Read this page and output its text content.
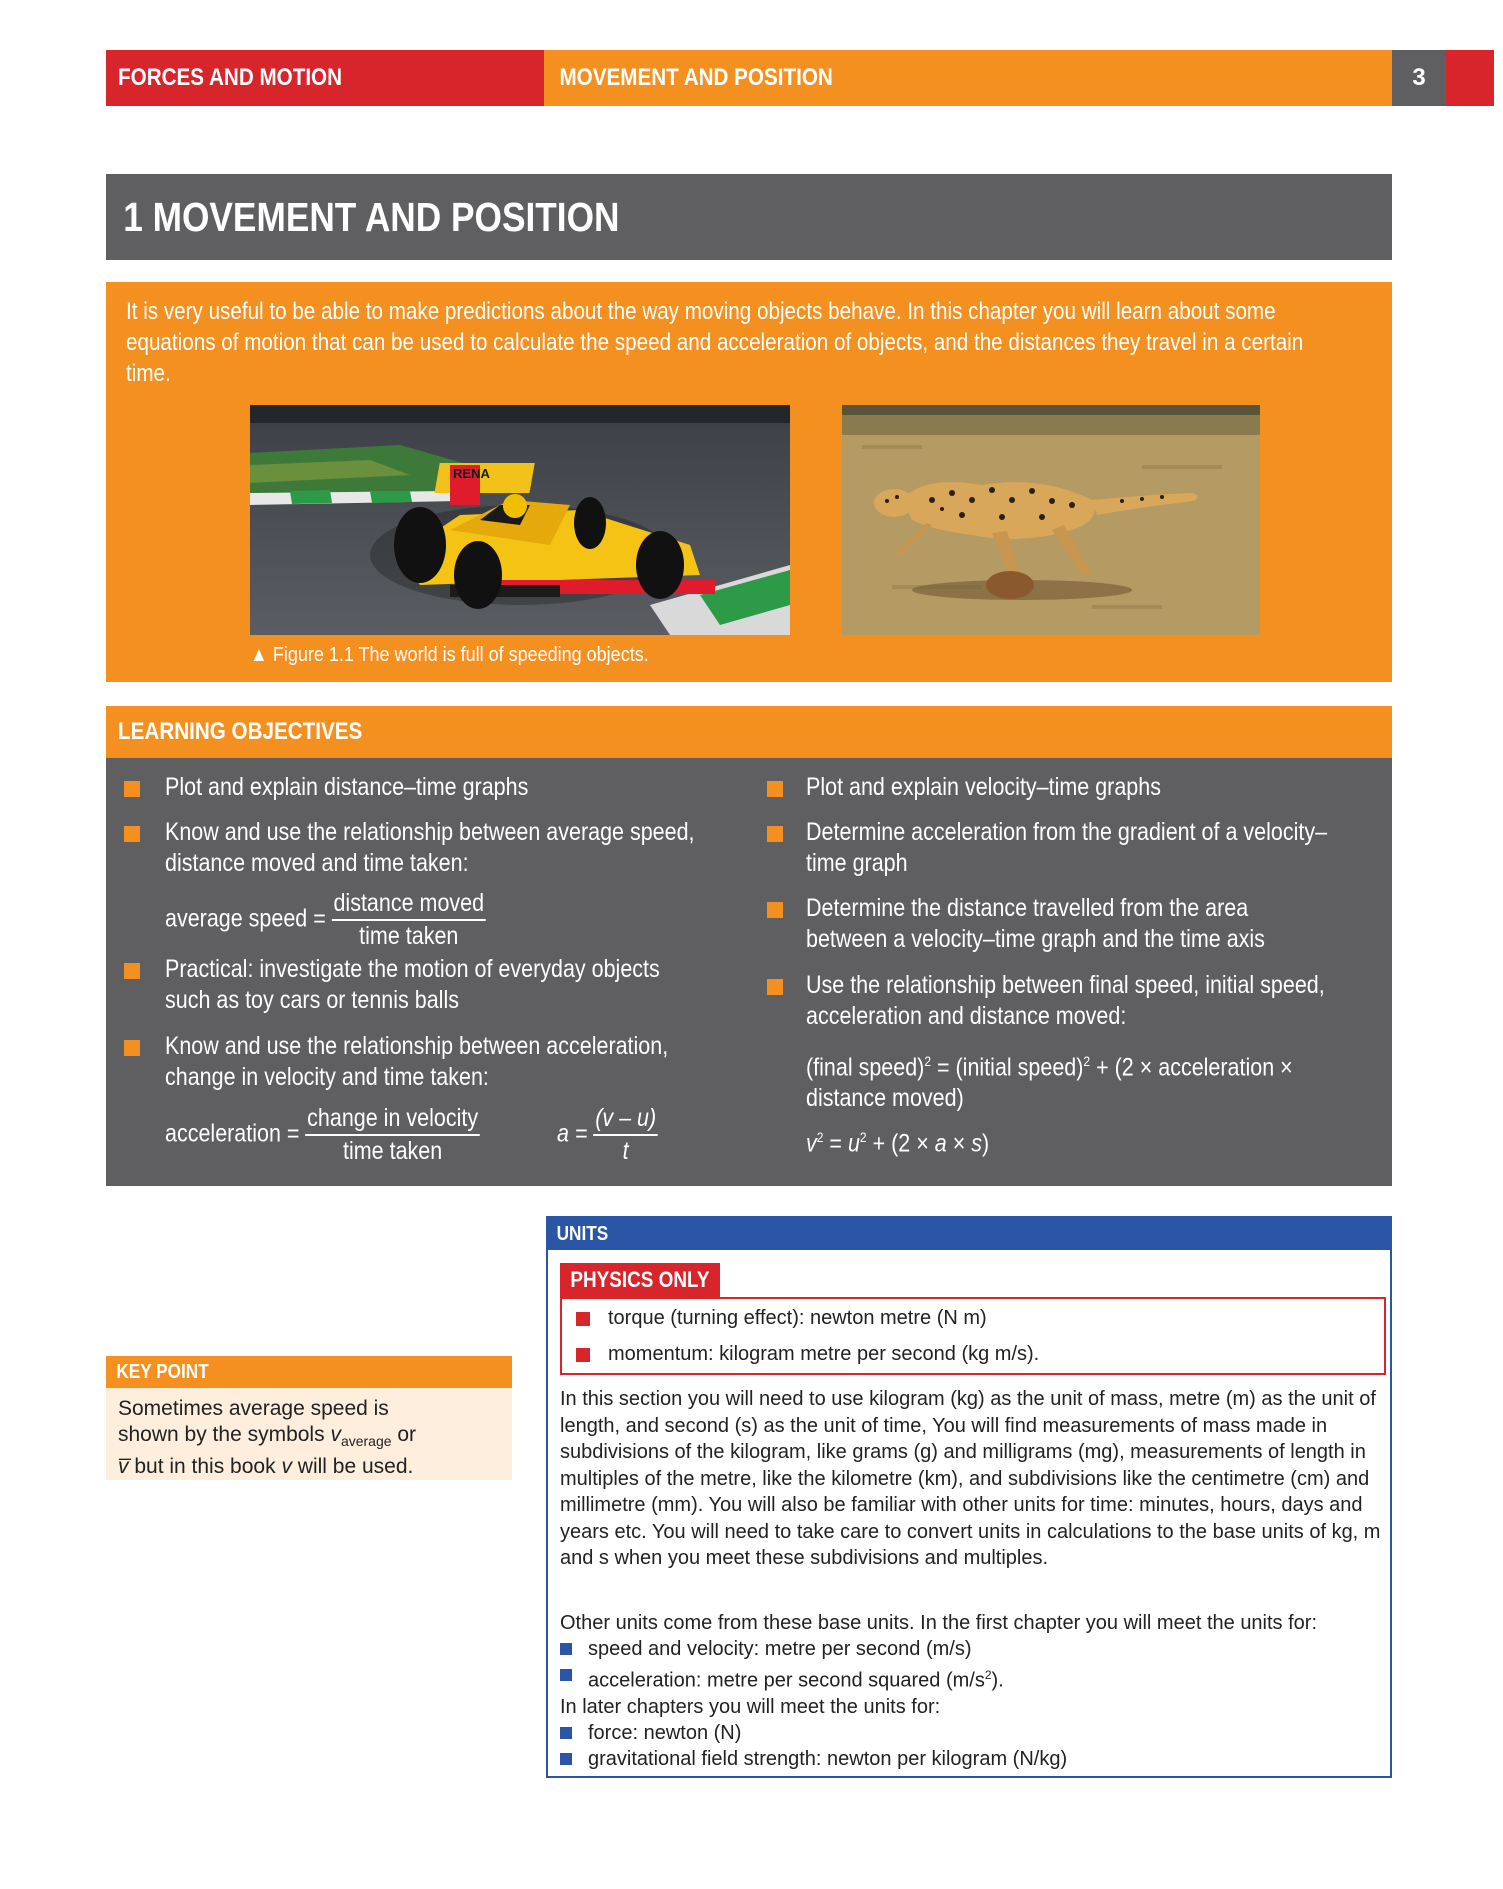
FORCES AND MOTION	MOVEMENT AND POSITION	3
1 MOVEMENT AND POSITION
It is very useful to be able to make predictions about the way moving objects behave. In this chapter you will learn about some equations of motion that can be used to calculate the speed and acceleration of objects, and the distances they travel in a certain time.
RENA
▲ Figure 1.1 The world is full of speeding objects.
LEARNING OBJECTIVES
Plot and explain distance–time graphs
Know and use the relationship between average speed,
distance moved and time taken:
average speed = $\frac{\text{distance moved}}{\text{time taken}}$
Practical: investigate the motion of everyday objects
such as toy cars or tennis balls
Know and use the relationship between acceleration,
change in velocity and time taken:
acceleration = $\frac{\text{change in velocity}}{\text{time taken}}$	$a = \frac{(v - u)}{t}$
Plot and explain velocity–time graphs
Determine acceleration from the gradient of a velocity–
time graph
Determine the distance travelled from the area
between a velocity–time graph and the time axis
Use the relationship between final speed, initial speed,
acceleration and distance moved:
(final speed)$^2$ = (initial speed)$^2$ + (2 × acceleration ×
distance moved)
$v^2 = u^2 + (2 \times a \times s)$
KEY POINT
Sometimes average speed is shown by the symbols $v_{average}$ or v̅ but in this book v will be used.
UNITS
PHYSICS ONLY
torque (turning effect): newton metre (N m)
momentum: kilogram metre per second (kg m/s).
In this section you will need to use kilogram (kg) as the unit of mass, metre (m) as the unit of length, and second (s) as the unit of time, You will find measurements of mass made in subdivisions of the kilogram, like grams (g) and milligrams (mg), measurements of length in multiples of the metre, like the kilometre (km), and subdivisions like the centimetre (cm) and millimetre (mm). You will also be familiar with other units for time: minutes, hours, days and years etc. You will need to take care to convert units in calculations to the base units of kg, m and s when you meet these subdivisions and multiples.
Other units come from these base units. In the first chapter you will meet the units for:
speed and velocity: metre per second (m/s)
acceleration: metre per second squared $(m/s^2)$.
In later chapters you will meet the units for:
force: newton (N)
gravitational field strength: newton per kilogram (N/kg)
